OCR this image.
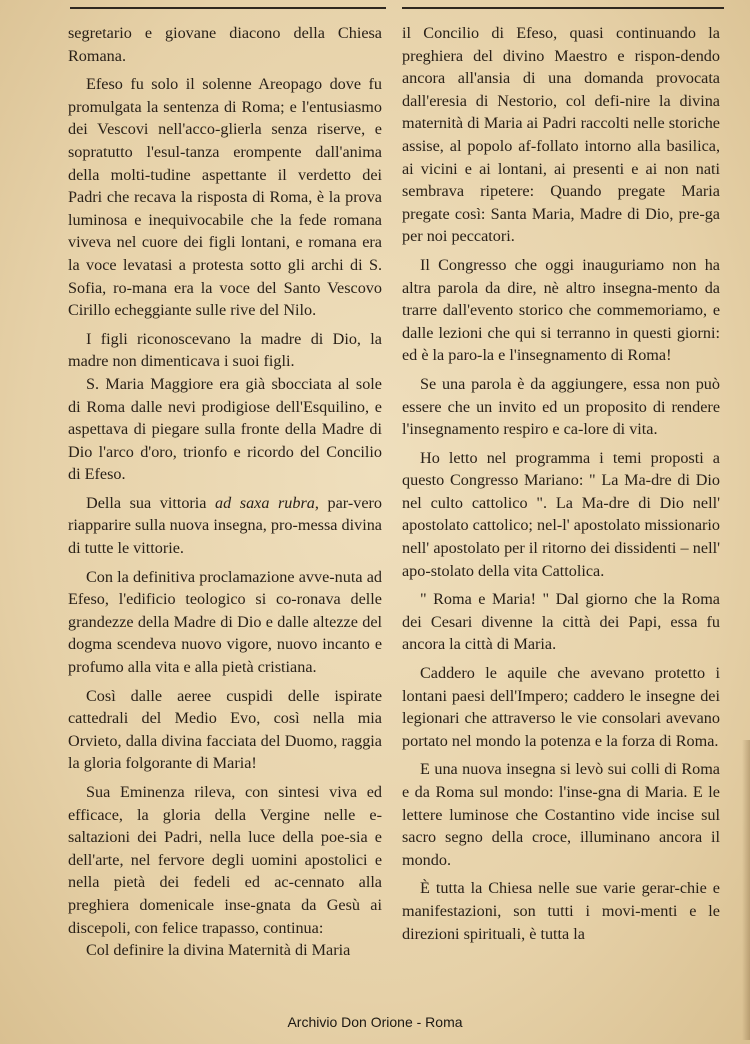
segretario e giovane diacono della Chiesa Romana.

Efeso fu solo il solenne Areopago dove fu promulgata la sentenza di Roma; e l'entusiasmo dei Vescovi nell'acco-glierla senza riserve, e sopratutto l'esul-tanza erompente dall'anima della molti-tudine aspettante il verdetto dei Padri che recava la risposta di Roma, è la prova luminosa e inequivocabile che la fede romana viveva nel cuore dei figli lontani, e romana era la voce levatasi a protesta sotto gli archi di S. Sofia, ro-mana era la voce del Santo Vescovo Cirillo echeggiante sulle rive del Nilo.

I figli riconoscevano la madre di Dio, la madre non dimenticava i suoi figli.

S. Maria Maggiore era già sbocciata al sole di Roma dalle nevi prodigiose dell'Esquilino, e aspettava di piegare sulla fronte della Madre di Dio l'arco d'oro, trionfo e ricordo del Concilio di Efeso.

Della sua vittoria ad saxa rubra, par-vero riapparire sulla nuova insegna, pro-messa divina di tutte le vittorie.

Con la definitiva proclamazione avve-nuta ad Efeso, l'edificio teologico si co-ronava delle grandezze della Madre di Dio e dalle altezze del dogma scendeva nuovo vigore, nuovo incanto e profumo alla vita e alla pietà cristiana.

Così dalle aeree cuspidi delle ispirate cattedrali del Medio Evo, così nella mia Orvieto, dalla divina facciata del Duomo, raggia la gloria folgorante di Maria!

Sua Eminenza rileva, con sintesi viva ed efficace, la gloria della Vergine nelle e-saltazioni dei Padri, nella luce della poe-sia e dell'arte, nel fervore degli uomini apostolici e nella pietà dei fedeli ed ac-cennato alla preghiera domenicale inse-gnata da Gesù ai discepoli, con felice trapasso, continua:

Col definire la divina Maternità di Maria

il Concilio di Efeso, quasi continuando la preghiera del divino Maestro e rispon-dendo ancora all'ansia di una domanda provocata dall'eresia di Nestorio, col defi-nire la divina maternità di Maria ai Padri raccolti nelle storiche assise, al popolo af-follato intorno alla basilica, ai vicini e ai lontani, ai presenti e ai non nati sembrava ripetere: Quando pregate Maria pregate così: Santa Maria, Madre di Dio, pre-ga per noi peccatori.

Il Congresso che oggi inauguriamo non ha altra parola da dire, nè altro insegna-mento da trarre dall'evento storico che commemoriamo, e dalle lezioni che qui si terranno in questi giorni: ed è la paro-la e l'insegnamento di Roma!

Se una parola è da aggiungere, essa non può essere che un invito ed un proposito di rendere l'insegnamento respiro e ca-lore di vita.

Ho letto nel programma i temi proposti a questo Congresso Mariano: " La Ma-dre di Dio nel culto cattolico ". La Ma-dre di Dio nell' apostolato cattolico; nel-l' apostolato missionario nell' apostolato per il ritorno dei dissidenti – nell' apo-stolato della vita Cattolica.

" Roma e Maria! " Dal giorno che la Roma dei Cesari divenne la città dei Papi, essa fu ancora la città di Maria.

Caddero le aquile che avevano protetto i lontani paesi dell'Impero; caddero le insegne dei legionari che attraverso le vie consolari avevano portato nel mondo la potenza e la forza di Roma.

E una nuova insegna si levò sui colli di Roma e da Roma sul mondo: l'inse-gna di Maria. E le lettere luminose che Costantino vide incise sul sacro segno della croce, illuminano ancora il mondo.

È tutta la Chiesa nelle sue varie gerar-chie e manifestazioni, son tutti i movi-menti e le direzioni spirituali, è tutta la

Archivio Don Orione - Roma
